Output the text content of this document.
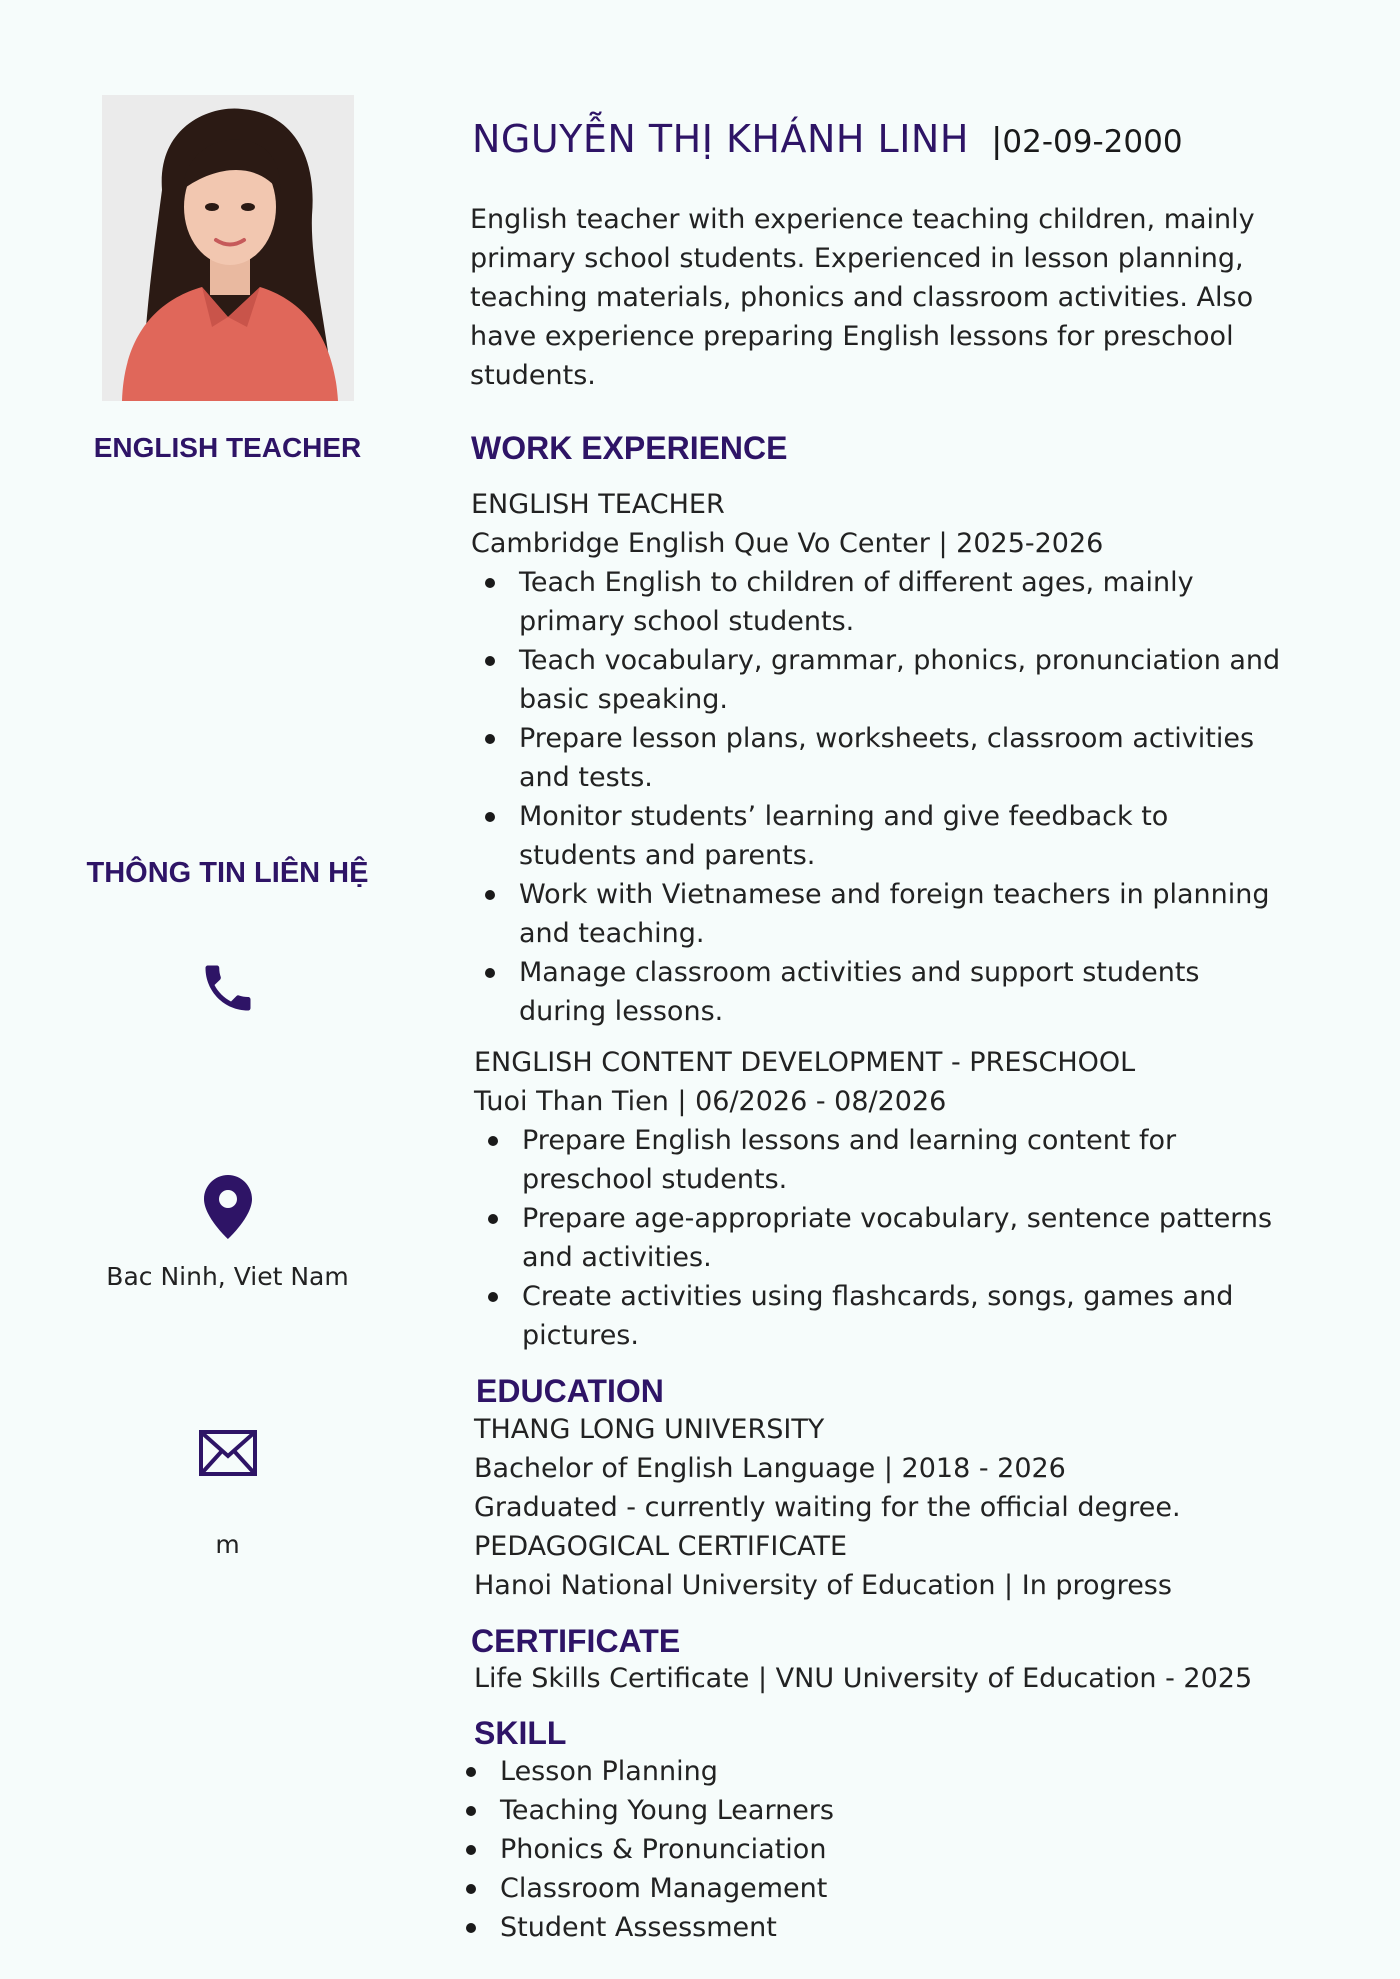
ENGLISH TEACHER
THÔNG TIN LIÊN HỆ
Bac Ninh, Viet Nam
m
NGUYỄN THỊ KHÁNH LINH |02-09-2000

English teacher with experience teaching children, mainly primary school students. Experienced in lesson planning, teaching materials, phonics and classroom activities. Also have experience preparing English lessons for preschool students.

WORK EXPERIENCE

ENGLISH TEACHER

Cambridge English Que Vo Center | 2025-2026

Teach English to children of different ages, mainly primary school students.
Teach vocabulary, grammar, phonics, pronunciation and basic speaking.
Prepare lesson plans, worksheets, classroom activities and tests.
Monitor students’ learning and give feedback to students and parents.
Work with Vietnamese and foreign teachers in planning and teaching.
Manage classroom activities and support students during lessons.

ENGLISH CONTENT DEVELOPMENT - PRESCHOOL

Tuoi Than Tien | 06/2026 - 08/2026

Prepare English lessons and learning content for preschool students.
Prepare age-appropriate vocabulary, sentence patterns and activities.
Create activities using flashcards, songs, games and pictures.
EDUCATION

THANG LONG UNIVERSITY

Bachelor of English Language | 2018 - 2026

Graduated - currently waiting for the official degree.

PEDAGOGICAL CERTIFICATE

Hanoi National University of Education | In progress

CERTIFICATE

Life Skills Certificate | VNU University of Education - 2025

SKILL
Lesson Planning
Teaching Young Learners
Phonics & Pronunciation
Classroom Management
Student Assessment
